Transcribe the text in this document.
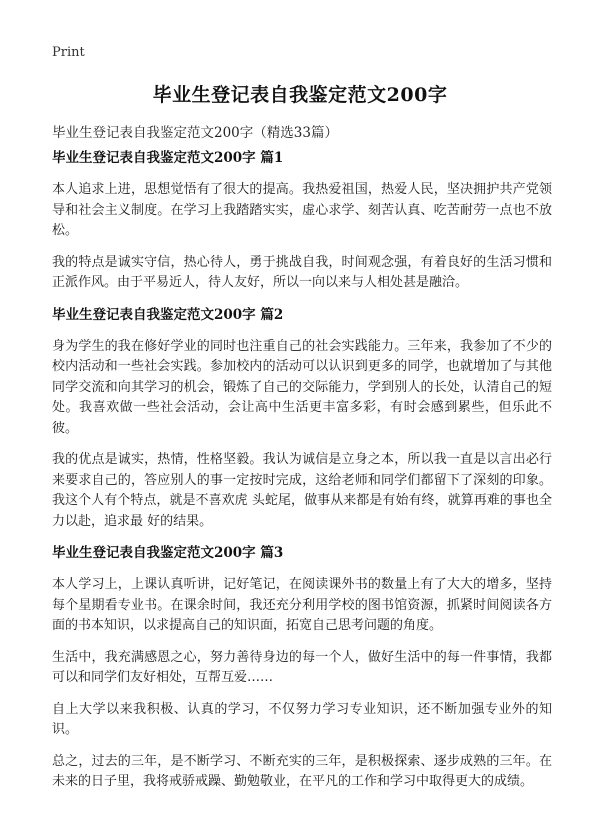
Print
毕业生登记表自我鉴定范文200字
毕业生登记表自我鉴定范文200字（精选33篇）
毕业生登记表自我鉴定范文200字 篇1

本人追求上进，思想觉悟有了很大的提高。我热爱祖国，热爱人民，坚决拥护共产党领导和社会主义制度。在学习上我踏踏实实，虚心求学、刻苦认真、吃苦耐劳一点也不放松。

我的特点是诚实守信，热心待人，勇于挑战自我，时间观念强，有着良好的生活习惯和正派作风。由于平易近人，待人友好，所以一向以来与人相处甚是融洽。

毕业生登记表自我鉴定范文200字 篇2

身为学生的我在修好学业的同时也注重自己的社会实践能力。三年来，我参加了不少的校内活动和一些社会实践。参加校内的活动可以认识到更多的同学，也就增加了与其他同学交流和向其学习的机会，锻炼了自己的交际能力，学到别人的长处，认清自己的短处。我喜欢做一些社会活动，会让高中生活更丰富多彩，有时会感到累些，但乐此不彼。

我的优点是诚实，热情，性格坚毅。我认为诚信是立身之本，所以我一直是以言出必行来要求自己的，答应别人的事一定按时完成，这给老师和同学们都留下了深刻的印象。我这个人有个特点，就是不喜欢虎 头蛇尾，做事从来都是有始有终，就算再难的事也全力以赴，追求最 好的结果。

毕业生登记表自我鉴定范文200字 篇3

本人学习上，上课认真听讲，记好笔记，在阅读课外书的数量上有了大大的增多，坚持每个星期看专业书。在课余时间，我还充分利用学校的图书馆资源，抓紧时间阅读各方面的书本知识，以求提高自己的知识面，拓宽自己思考问题的角度。

生活中，我充满感恩之心，努力善待身边的每一个人，做好生活中的每一件事情，我都可以和同学们友好相处，互帮互爱……

自上大学以来我积极、认真的学习，不仅努力学习专业知识，还不断加强专业外的知识。

总之，过去的三年，是不断学习、不断充实的三年，是积极探索、逐步成熟的三年。在未来的日子里，我将戒骄戒躁、勤勉敬业，在平凡的工作和学习中取得更大的成绩。
